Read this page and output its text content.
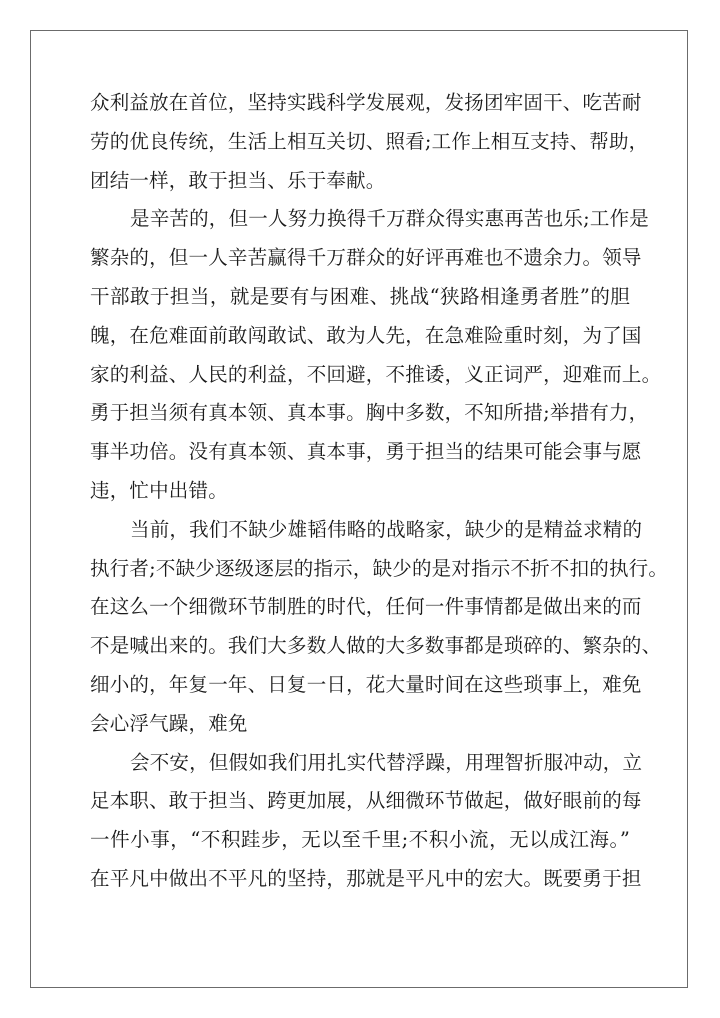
众利益放在首位，坚持实践科学发展观，发扬团牢固干、吃苦耐
劳的优良传统，生活上相互关切、照看;工作上相互支持、帮助，
团结一样，敢于担当、乐于奉献。
是辛苦的，但一人努力换得千万群众得实惠再苦也乐;工作是
繁杂的，但一人辛苦赢得千万群众的好评再难也不遗余力。领导
干部敢于担当，就是要有与困难、挑战“狭路相逢勇者胜”的胆
魄，在危难面前敢闯敢试、敢为人先，在急难险重时刻，为了国
家的利益、人民的利益，不回避，不推诿，义正词严，迎难而上。
勇于担当须有真本领、真本事。胸中多数，不知所措;举措有力，
事半功倍。没有真本领、真本事，勇于担当的结果可能会事与愿
违，忙中出错。
当前，我们不缺少雄韬伟略的战略家，缺少的是精益求精的
执行者;不缺少逐级逐层的指示，缺少的是对指示不折不扣的执行。
在这么一个细微环节制胜的时代，任何一件事情都是做出来的而
不是喊出来的。我们大多数人做的大多数事都是琐碎的、繁杂的、
细小的，年复一年、日复一日，花大量时间在这些琐事上，难免
会心浮气躁，难免
会不安，但假如我们用扎实代替浮躁，用理智折服冲动，立
足本职、敢于担当、跨更加展，从细微环节做起，做好眼前的每
一件小事，“不积跬步，无以至千里;不积小流，无以成江海。”
在平凡中做出不平凡的坚持，那就是平凡中的宏大。既要勇于担
